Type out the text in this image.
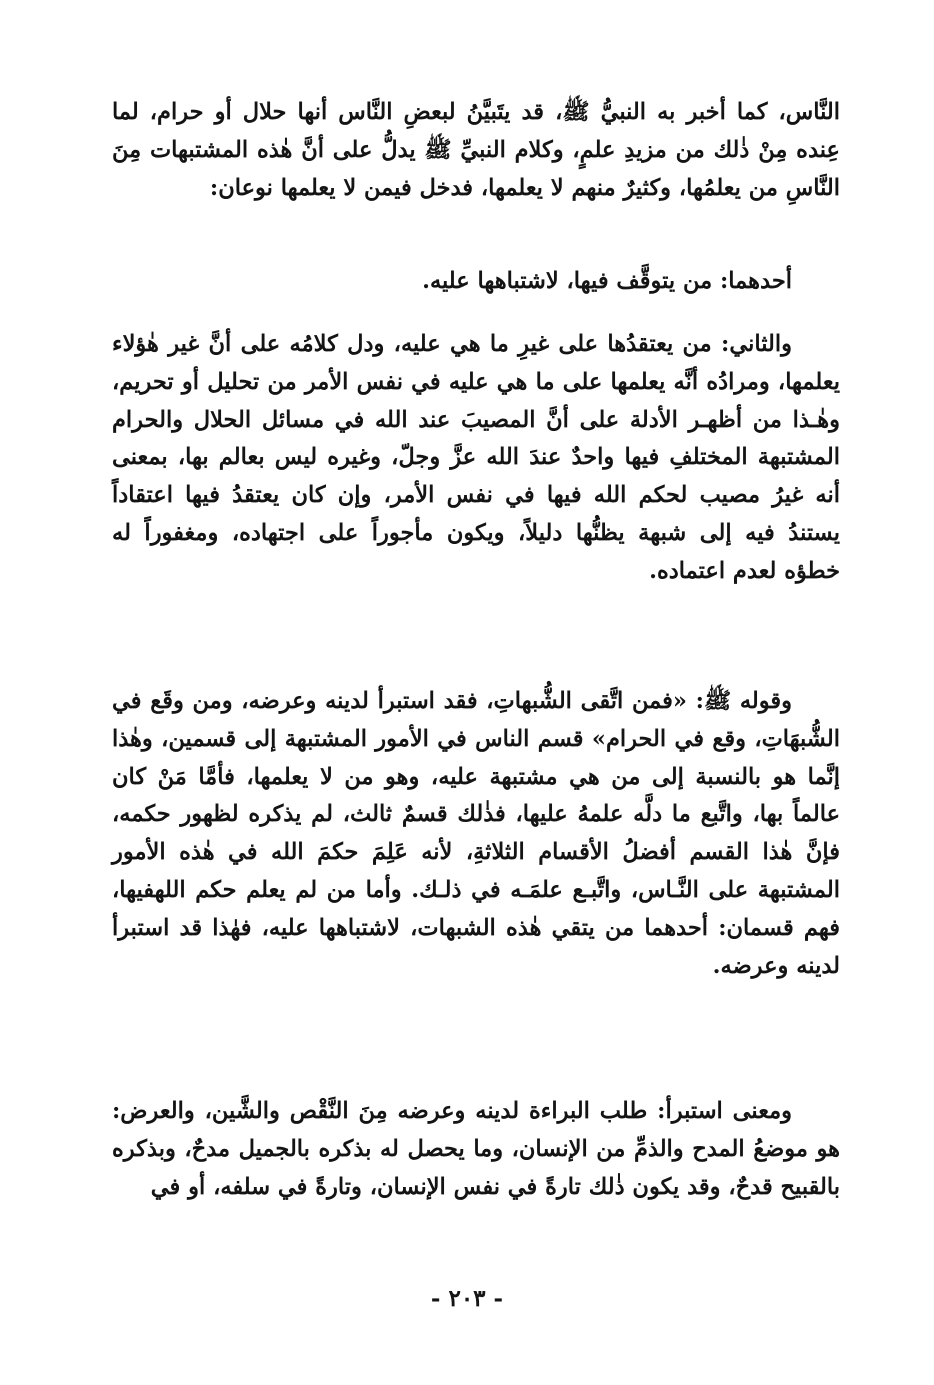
النَّاس، كما أخبر به النبيُّ ﷺ، قد يتَبيَّنُ لبعضِ النَّاس أنها حلال أو حرام، لما عِنده مِنْ ذٰلك من مزيدِ علمٍ، وكلام النبيِّ ﷺ يدلُّ على أنَّ هٰذه المشتبهات مِنَ النَّاسِ من يعلمُها، وكثيرٌ منهم لا يعلمها، فدخل فيمن لا يعلمها نوعان:

أحدهما: من يتوقَّف فيها، لاشتباهها عليه.

والثاني: من يعتقدُها على غيرِ ما هي عليه، ودل كلامُه على أنَّ غير هٰؤلاء يعلمها، ومرادُه أنَّه يعلمها على ما هي عليه في نفس الأمر من تحليل أو تحريم، وهٰـذا من أظهـر الأدلة على أنَّ المصيبَ عند الله في مسائل الحلال والحرام المشتبهة المختلفِ فيها واحدٌ عندَ الله عزَّ وجلّ، وغيره ليس بعالم بها، بمعنى أنه غيرُ مصيب لحكم الله فيها في نفس الأمر، وإن كان يعتقدُ فيها اعتقاداً يستندُ فيه إلى شبهة يظنُّها دليلاً، ويكون مأجوراً على اجتهاده، ومغفوراً له خطؤه لعدم اعتماده.

وقوله ﷺ: «فمن اتَّقى الشُّبهاتِ، فقد استبرأ لدينه وعرضه، ومن وقَع في الشُّبهَاتِ، وقع في الحرام» قسم الناس في الأمور المشتبهة إلى قسمين، وهٰذا إنَّما هو بالنسبة إلى من هي مشتبهة عليه، وهو من لا يعلمها، فأمَّا مَنْ كان عالماً بها، واتَّبع ما دلَّه علمهُ عليها، فذٰلك قسمٌ ثالث، لم يذكره لظهور حكمه، فإنَّ هٰذا القسم أفضلُ الأقسام الثلاثةِ، لأنه عَلِمَ حكمَ الله في هٰذه الأمور المشتبهة على النَّـاس، واتَّبـع علمَـه في ذلـك. وأما من لم يعلم حكم اللهفيها، فهم قسمان: أحدهما من يتقي هٰذه الشبهات، لاشتباهها عليه، فهٰذا قد استبرأ لدينه وعرضه.

ومعنى استبرأ: طلب البراءة لدينه وعرضه مِنَ النَّقْص والشَّين، والعرض: هو موضعُ المدح والذمِّ من الإنسان، وما يحصل له بذكره بالجميل مدحٌ، وبذكره بالقبيح قدحٌ، وقد يكون ذٰلك تارةً في نفس الإنسان، وتارةً في سلفه، أو في

- ٢٠٣ -
